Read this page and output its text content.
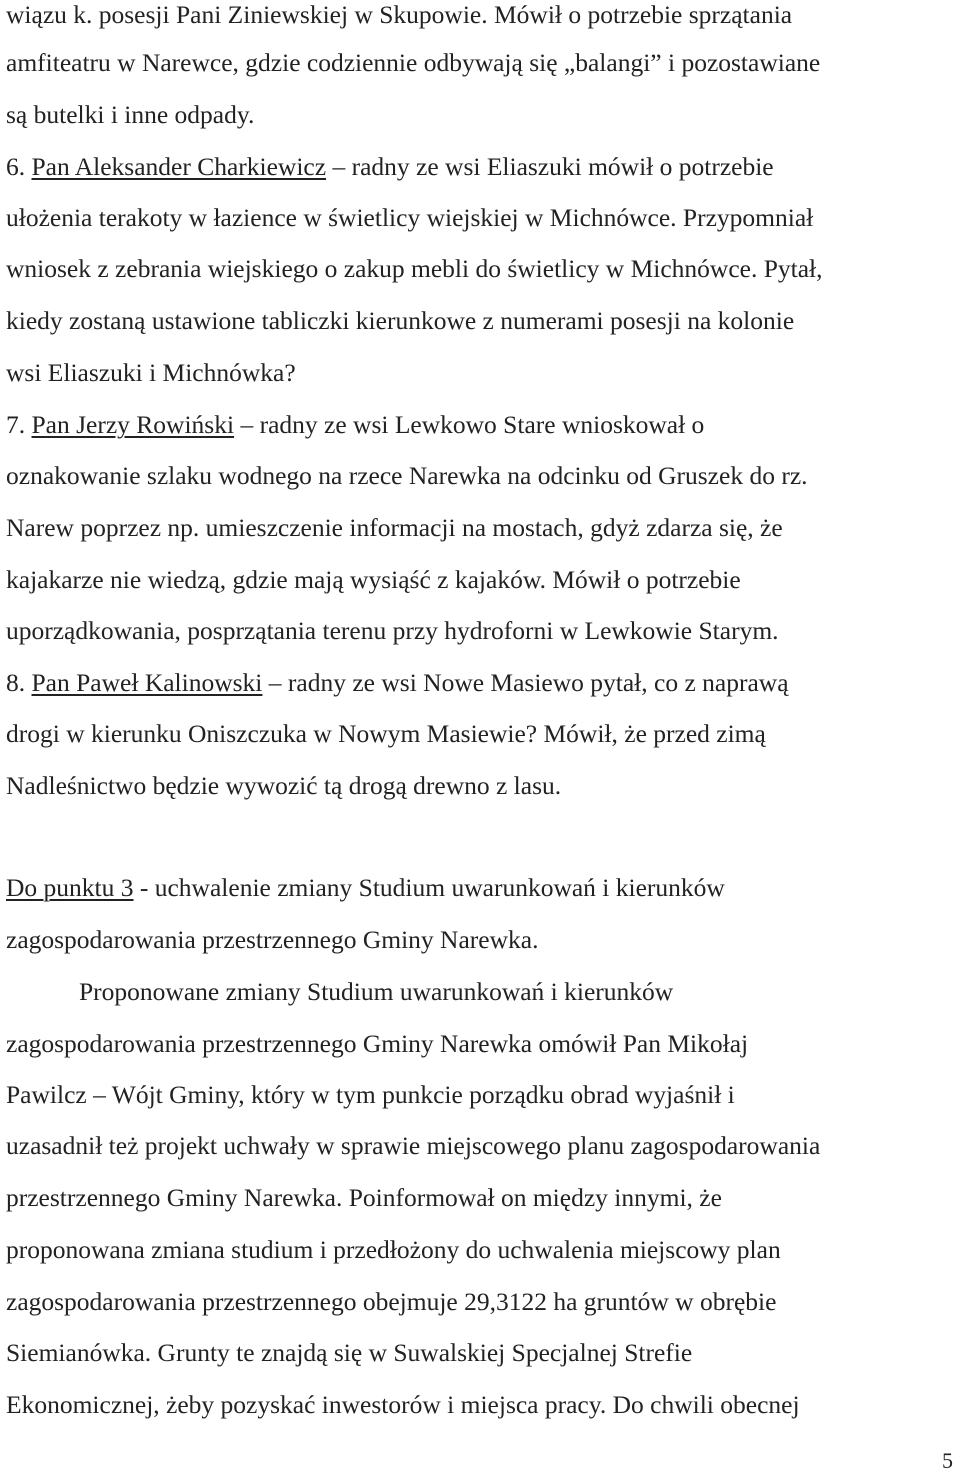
wiązu k. posesji Pani Ziniewskiej w Skupowie. Mówił o potrzebie sprzątania

amfiteatru w Narewce, gdzie codziennie odbywają się „balangi” i pozostawiane

są butelki i inne odpady.

6. Pan Aleksander Charkiewicz – radny ze wsi Eliaszuki mówił o potrzebie

ułożenia terakoty w łazience w świetlicy wiejskiej w Michnówce. Przypomniał

wniosek z zebrania wiejskiego o zakup mebli do świetlicy w Michnówce. Pytał,

kiedy zostaną ustawione tabliczki kierunkowe z numerami posesji na kolonie

wsi Eliaszuki i Michnówka?

7. Pan Jerzy Rowiński – radny ze wsi Lewkowo Stare wnioskował o

oznakowanie szlaku wodnego na rzece Narewka na odcinku od Gruszek do rz.

Narew poprzez np. umieszczenie informacji na mostach, gdyż zdarza się, że

kajakarze nie wiedzą, gdzie mają wysiąść z kajaków. Mówił o potrzebie

uporządkowania, posprzątania terenu przy hydroforni w Lewkowie Starym.

8. Pan Paweł Kalinowski – radny ze wsi Nowe Masiewo pytał, co z naprawą

drogi w kierunku Oniszczuka w Nowym Masiewie? Mówił, że przed zimą

Nadleśnictwo będzie wywozić tą drogą drewno z lasu.

Do punktu 3 - uchwalenie zmiany Studium uwarunkowań i kierunków

zagospodarowania przestrzennego Gminy Narewka.

Proponowane zmiany Studium uwarunkowań i kierunków

zagospodarowania przestrzennego Gminy Narewka omówił Pan Mikołaj

Pawilcz – Wójt Gminy, który w tym punkcie porządku obrad wyjaśnił i

uzasadnił też projekt uchwały w sprawie miejscowego planu zagospodarowania

przestrzennego Gminy Narewka. Poinformował on między innymi, że

proponowana zmiana studium i przedłożony do uchwalenia miejscowy plan

zagospodarowania przestrzennego obejmuje 29,3122 ha gruntów w obrębie

Siemianówka. Grunty te znajdą się w Suwalskiej Specjalnej Strefie

Ekonomicznej, żeby pozyskać inwestorów i miejsca pracy. Do chwili obecnej

5
